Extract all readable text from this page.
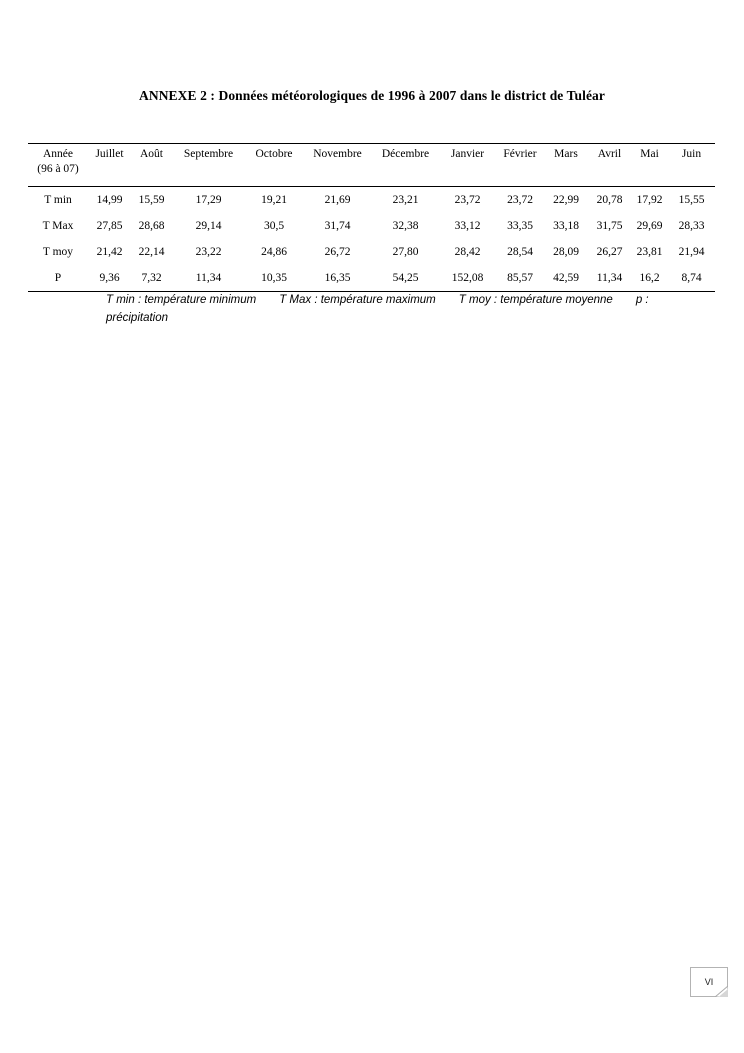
ANNEXE 2 : Données météorologiques de 1996 à 2007 dans le district de Tuléar
Année
(96 à 07)	Juillet	Août	Septembre	Octobre	Novembre	Décembre	Janvier	Février	Mars	Avril	Mai	Juin
T min	14,99	15,59	17,29	19,21	21,69	23,21	23,72	23,72	22,99	20,78	17,92	15,55
T Max	27,85	28,68	29,14	30,5	31,74	32,38	33,12	33,35	33,18	31,75	29,69	28,33
T moy	21,42	22,14	23,22	24,86	26,72	27,80	28,42	28,54	28,09	26,27	23,81	21,94
P	9,36	7,32	11,34	10,35	16,35	54,25	152,08	85,57	42,59	11,34	16,2	8,74
T min : température minimum T Max : température maximum T moy : température moyenne p :
précipitation
VI
